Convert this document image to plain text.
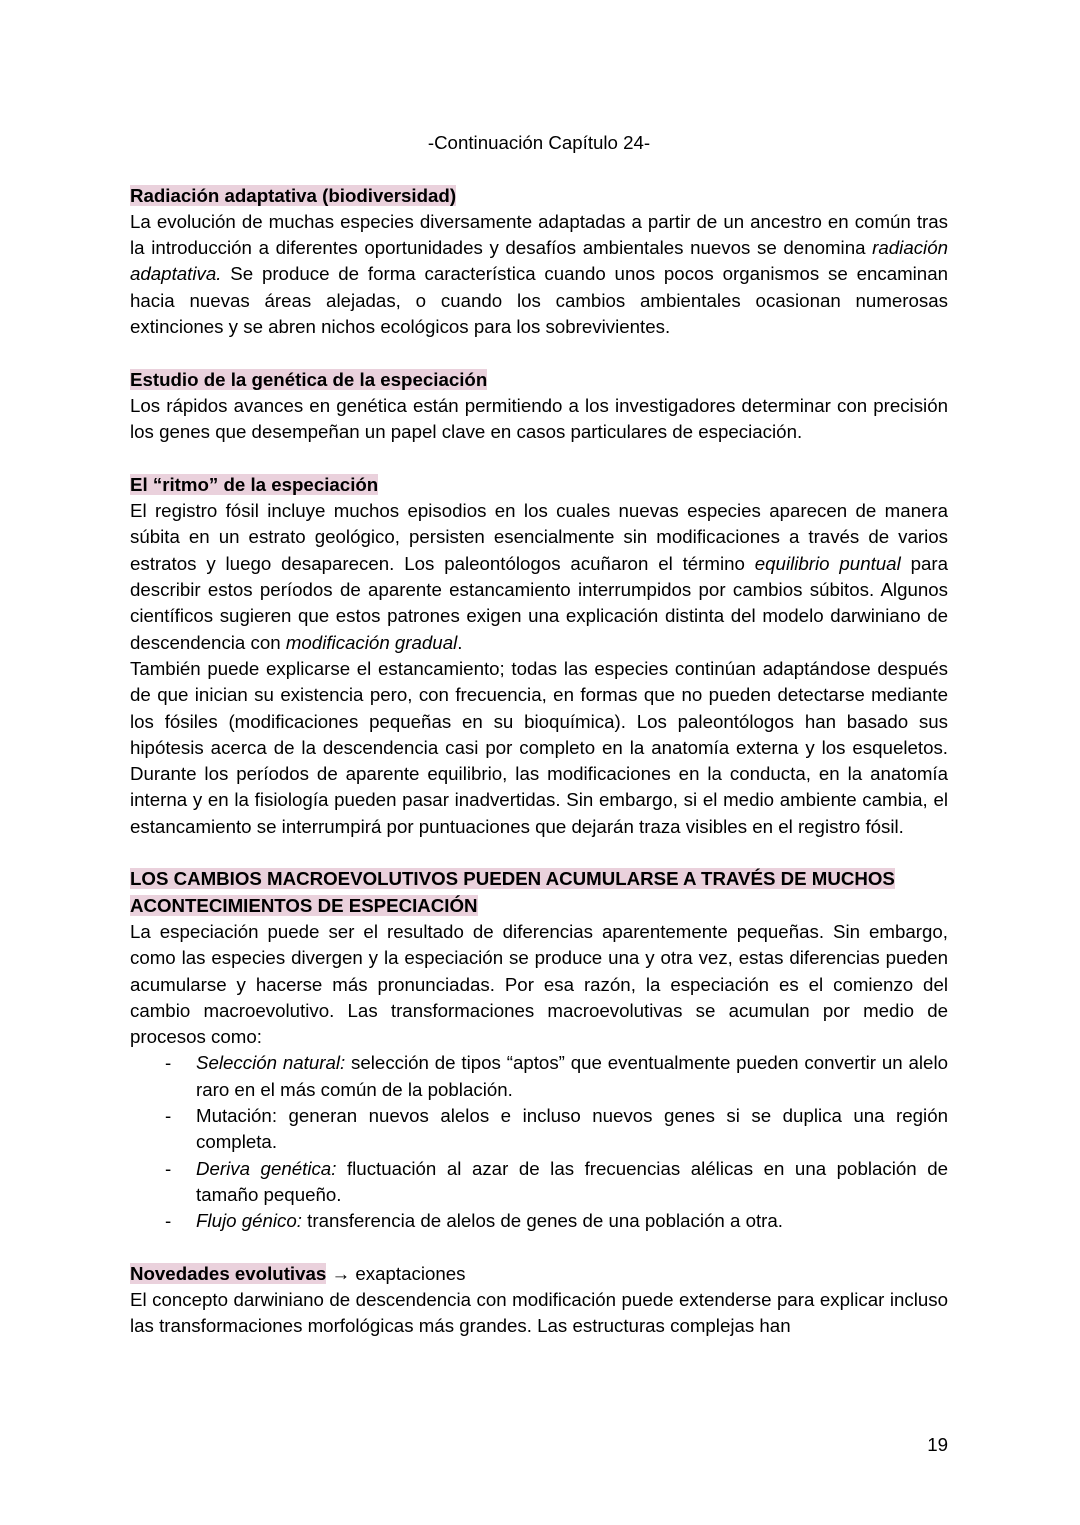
-Continuación Capítulo 24-
Radiación adaptativa (biodiversidad)

La evolución de muchas especies diversamente adaptadas a partir de un ancestro en común tras la introducción a diferentes oportunidades y desafíos ambientales nuevos se denomina radiación adaptativa. Se produce de forma característica cuando unos pocos organismos se encaminan hacia nuevas áreas alejadas, o cuando los cambios ambientales ocasionan numerosas extinciones y se abren nichos ecológicos para los sobrevivientes.

Estudio de la genética de la especiación

Los rápidos avances en genética están permitiendo a los investigadores determinar con precisión los genes que desempeñan un papel clave en casos particulares de especiación.

El “ritmo” de la especiación

El registro fósil incluye muchos episodios en los cuales nuevas especies aparecen de manera súbita en un estrato geológico, persisten esencialmente sin modificaciones a través de varios estratos y luego desaparecen. Los paleontólogos acuñaron el término equilibrio puntual para describir estos períodos de aparente estancamiento interrumpidos por cambios súbitos. Algunos científicos sugieren que estos patrones exigen una explicación distinta del modelo darwiniano de descendencia con modificación gradual.

También puede explicarse el estancamiento; todas las especies continúan adaptándose después de que inician su existencia pero, con frecuencia, en formas que no pueden detectarse mediante los fósiles (modificaciones pequeñas en su bioquímica). Los paleontólogos han basado sus hipótesis acerca de la descendencia casi por completo en la anatomía externa y los esqueletos. Durante los períodos de aparente equilibrio, las modificaciones en la conducta, en la anatomía interna y en la fisiología pueden pasar inadvertidas. Sin embargo, si el medio ambiente cambia, el estancamiento se interrumpirá por puntuaciones que dejarán traza visibles en el registro fósil.

LOS CAMBIOS MACROEVOLUTIVOS PUEDEN ACUMULARSE A TRAVÉS DE MUCHOS ACONTECIMIENTOS DE ESPECIACIÓN

La especiación puede ser el resultado de diferencias aparentemente pequeñas. Sin embargo, como las especies divergen y la especiación se produce una y otra vez, estas diferencias pueden acumularse y hacerse más pronunciadas. Por esa razón, la especiación es el comienzo del cambio macroevolutivo. Las transformaciones macroevolutivas se acumulan por medio de procesos como:

- Selección natural: selección de tipos “aptos” que eventualmente pueden convertir un alelo raro en el más común de la población.
- Mutación: generan nuevos alelos e incluso nuevos genes si se duplica una región completa.
- Deriva genética: fluctuación al azar de las frecuencias alélicas en una población de tamaño pequeño.
- Flujo génico: transferencia de alelos de genes de una población a otra.
Novedades evolutivas → exaptaciones

El concepto darwiniano de descendencia con modificación puede extenderse para explicar incluso las transformaciones morfológicas más grandes. Las estructuras complejas han

19
